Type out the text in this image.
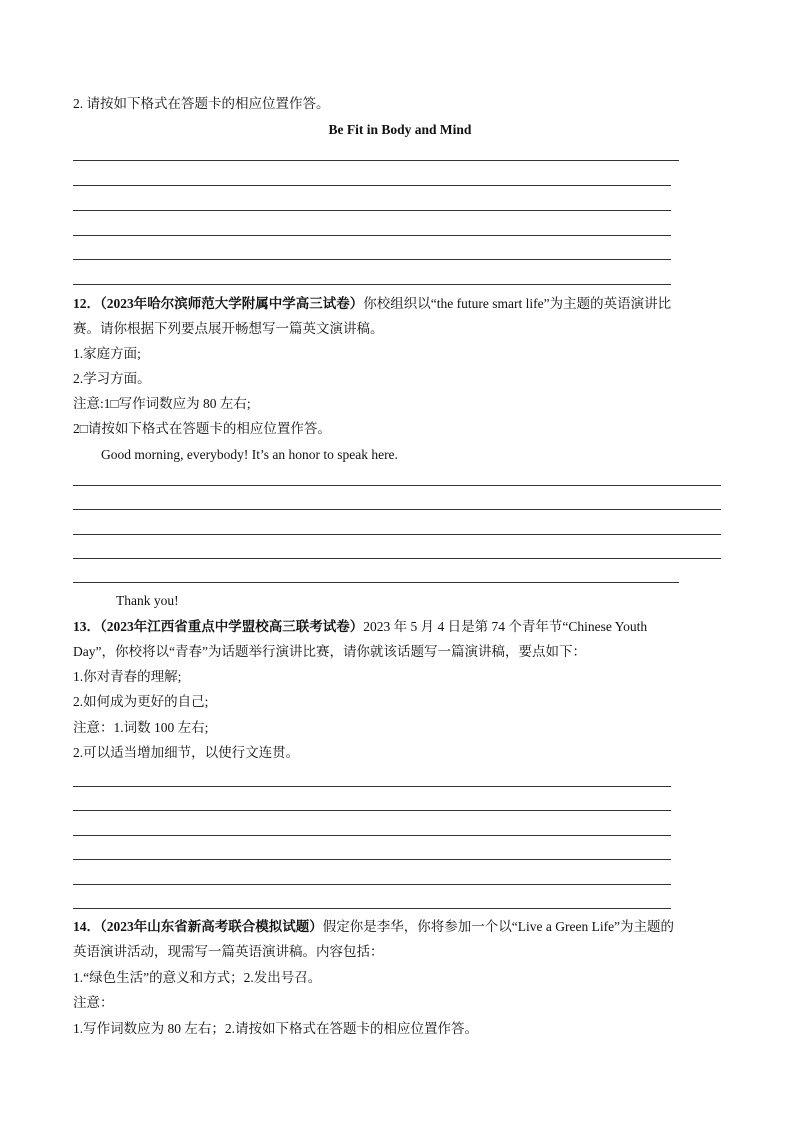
2. 请按如下格式在答题卡的相应位置作答。
Be Fit in Body and Mind
12．（2023年哈尔滨师范大学附属中学高三试卷）你校组织以“the future smart life”为主题的英语演讲比
赛。请你根据下列要点展开畅想写一篇英文演讲稿。
1.家庭方面;
2.学习方面。
注意:1□写作词数应为 80 左右;
2□请按如下格式在答题卡的相应位置作答。
Good morning, everybody! It’s an honor to speak here.
Thank you!
13．（2023年江西省重点中学盟校高三联考试卷）2023 年 5 月 4 日是第 74 个青年节“Chinese Youth
Day”，你校将以“青春”为话题举行演讲比赛，请你就该话题写一篇演讲稿，要点如下：
1.你对青春的理解;
2.如何成为更好的自己;
注意：1.词数 100 左右;
2.可以适当增加细节，以使行文连贯。
14．（2023年山东省新高考联合模拟试题）假定你是李华，你将参加一个以“Live a Green Life”为主题的
英语演讲活动，现需写一篇英语演讲稿。内容包括：
1.“绿色生活”的意义和方式；2.发出号召。
注意：
1.写作词数应为 80 左右；2.请按如下格式在答题卡的相应位置作答。
